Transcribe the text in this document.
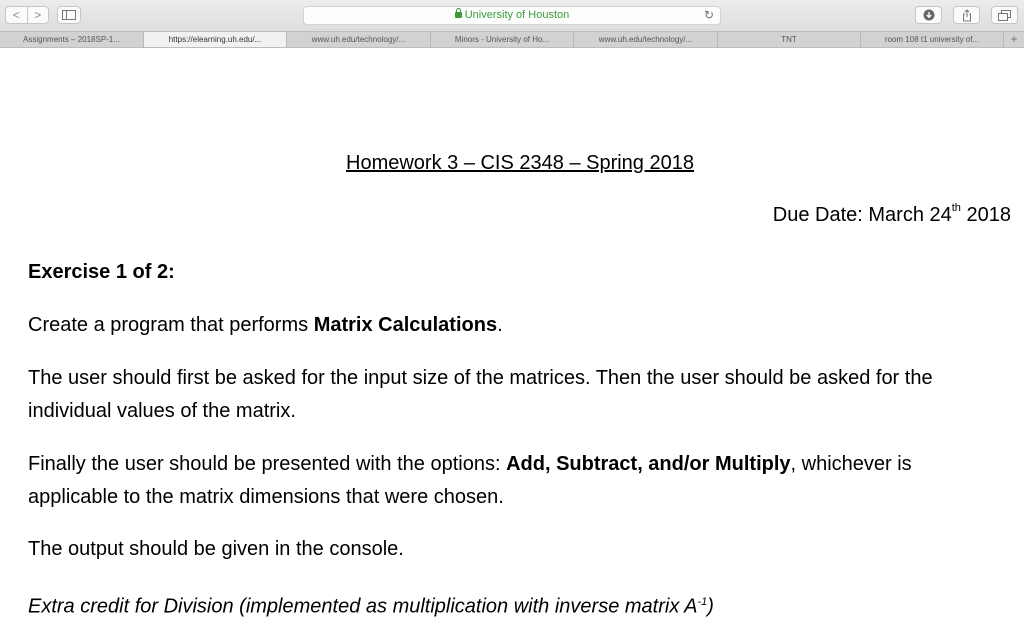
<	>	University of Houston	↻
Assignments – 2018SP-1...	https://elearning.uh.edu/...	www.uh.edu/technology/...	Minors - University of Ho...	www.uh.edu/technology/...	TNT	room 108 t1 university of...	+
Homework 3 – CIS 2348 – Spring 2018
Due Date: March 24th 2018

Exercise 1 of 2:

Create a program that performs Matrix Calculations.

The user should first be asked for the input size of the matrices. Then the user should be asked for the individual values of the matrix.

Finally the user should be presented with the options: Add, Subtract, and/or Multiply, whichever is applicable to the matrix dimensions that were chosen.

The output should be given in the console.

Extra credit for Division (implemented as multiplication with inverse matrix $A^{-1}$)
